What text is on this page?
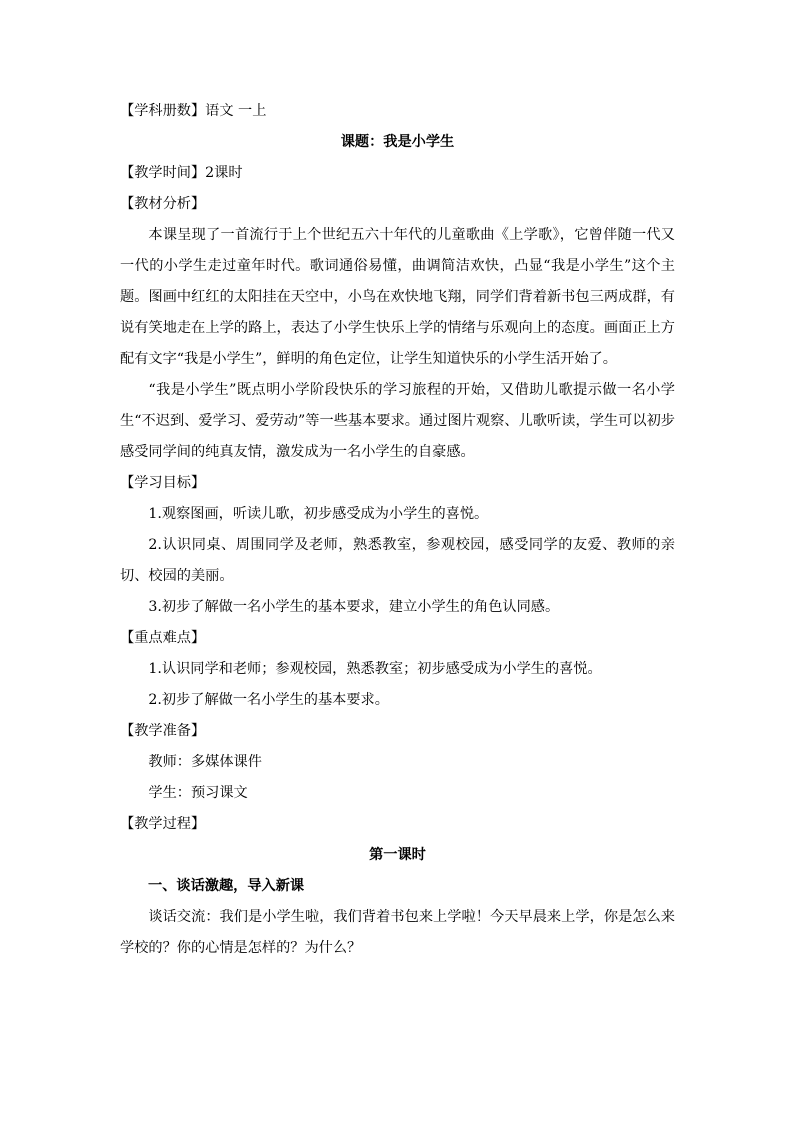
【学科册数】语文 一上
课题：我是小学生
【教学时间】2课时
【教材分析】

本课呈现了一首流行于上个世纪五六十年代的儿童歌曲《上学歌》，它曾伴随一代又一代的小学生走过童年时代。歌词通俗易懂，曲调简洁欢快，凸显“我是小学生”这个主题。图画中红红的太阳挂在天空中，小鸟在欢快地飞翔，同学们背着新书包三两成群，有说有笑地走在上学的路上，表达了小学生快乐上学的情绪与乐观向上的态度。画面正上方配有文字“我是小学生”，鲜明的角色定位，让学生知道快乐的小学生活开始了。

“我是小学生”既点明小学阶段快乐的学习旅程的开始，又借助儿歌提示做一名小学生“不迟到、爱学习、爱劳动”等一些基本要求。通过图片观察、儿歌听读，学生可以初步感受同学间的纯真友情，激发成为一名小学生的自豪感。

【学习目标】

1.观察图画，听读儿歌，初步感受成为小学生的喜悦。

2.认识同桌、周围同学及老师，熟悉教室，参观校园，感受同学的友爱、教师的亲 切、校园的美丽。

3.初步了解做一名小学生的基本要求，建立小学生的角色认同感。

【重点难点】

1.认识同学和老师；参观校园，熟悉教室；初步感受成为小学生的喜悦。

2.初步了解做一名小学生的基本要求。

【教学准备】

教师：多媒体课件

学生：预习课文

【教学过程】
第一课时
一、谈话激趣，导入新课

谈话交流：我们是小学生啦，我们背着书包来上学啦！今天早晨来上学，你是怎么来学校的？你的心情是怎样的？为什么？
